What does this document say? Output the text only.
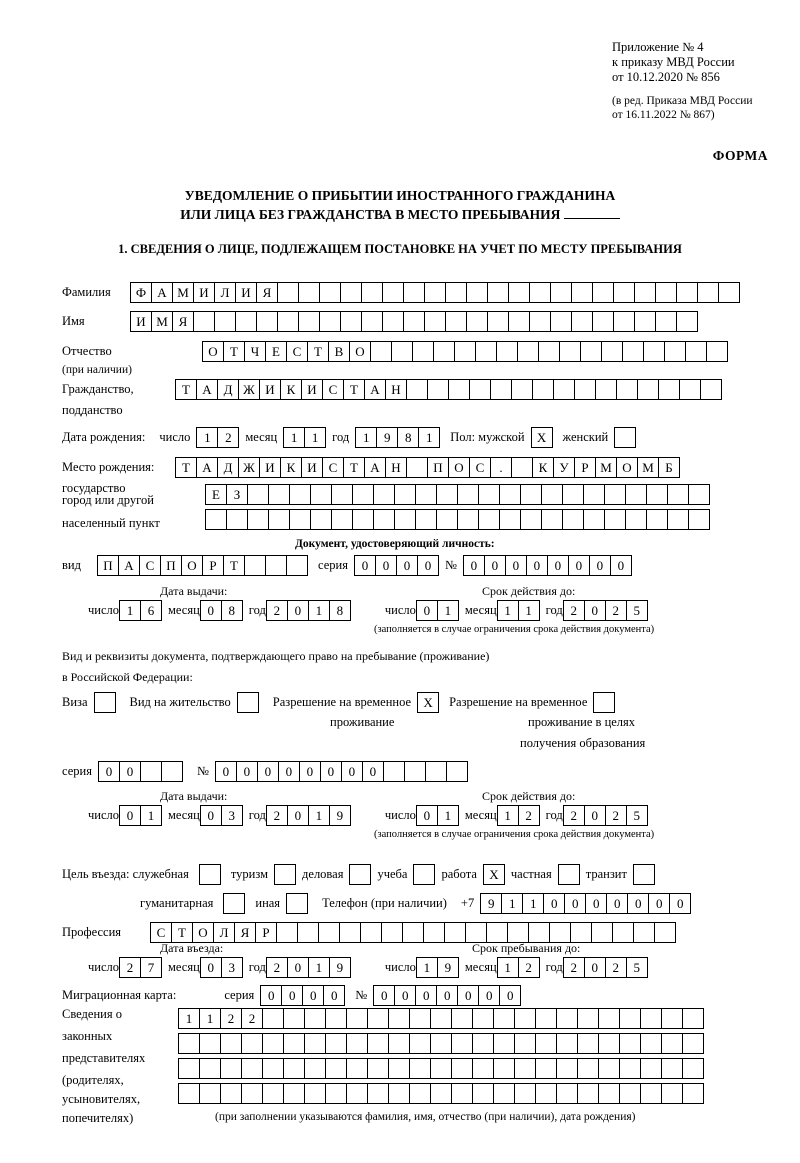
Приложение № 4
к приказу МВД России
от 10.12.2020 № 856
(в ред. Приказа МВД России
от 16.11.2022 № 867)
ФОРМА
УВЕДОМЛЕНИЕ О ПРИБЫТИИ ИНОСТРАННОГО ГРАЖДАНИНА
ИЛИ ЛИЦА БЕЗ ГРАЖДАНСТВА В МЕСТО ПРЕБЫВАНИЯ
1. СВЕДЕНИЯ О ЛИЦЕ, ПОДЛЕЖАЩЕМ ПОСТАНОВКЕ НА УЧЕТ ПО МЕСТУ ПРЕБЫВАНИЯ
Фамилия	Ф А М И Л И Я
Имя	И М Я
Отчество	О Т Ч Е С Т В О
(при наличии)
Гражданство,	Т А Д Ж И К И С Т А Н
подданство
Дата рождения: число	1	2	месяц	1	1	год	1	9	8	1	Пол: мужской Х	женский
Место рождения:	Т А Д Ж И К И С Т А Н	П О С	.	К У Р М О М Б
государство	Е	З
город или другой
населенный пункт
Документ, удостоверяющий личность:
вид	П А С П О Р	Т	серия	0	0	0	0	№	0	0	0	0	0	0	0	0
Дата выдачи:	Срок действия до:
число 1	6	месяц 0	8	год 2	0	1	8	число 0	1	месяц 1	1	год 2	0	2	5
(заполняется в случае ограничения срока действия документа)
Вид и реквизиты документа, подтверждающего право на пребывание (проживание)
в Российской Федерации:
Виза	Вид на жительство	Разрешение на временное Х	Разрешение на временное
проживание	проживание в целях
получения образования
серия	0	0	№	0	0	0	0	0	0	0	0
Дата выдачи:	Срок действия до:
число 0	1	месяц 0	3	год 2	0	1	9	число 0	1	месяц 1	2	год 2	0	2	5
(заполняется в случае ограничения срока действия документа)
Цель въезда: служебная	туризм	деловая	учеба	работа Х частная	транзит
гуманитарная	иная	Телефон (при наличии) +7	9	1	1	0	0	0	0	0	0	0
Профессия	С Т О Л Я	Р
Дата въезда:	Срок пребывания до:
число 2	7	месяц 0	3	год 2	0	1	9	число 1	9	месяц 1	2	год 2	0	2	5
Миграционная карта:	серия	0	0	0	0	№	0	0	0	0	0	0	0
Сведения о
законных
представителях
(родителях,
усыновителях,
попечителях)
1	1	2	2
(при заполнении указываются фамилия, имя, отчество (при наличии), дата рождения)
